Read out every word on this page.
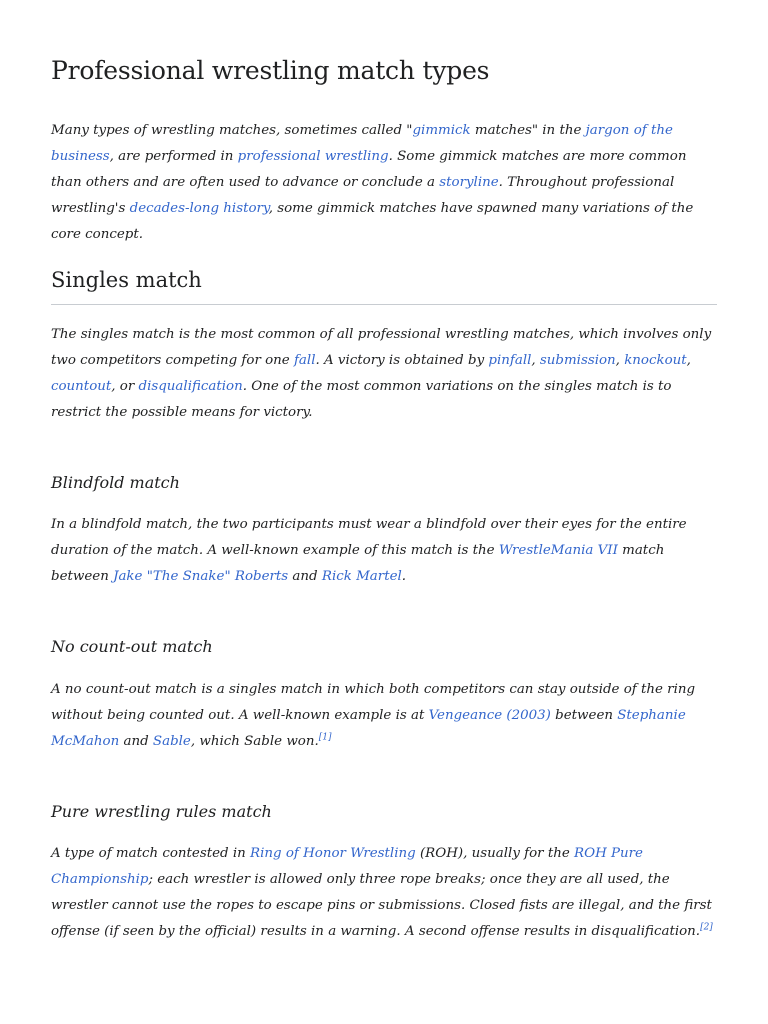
Professional wrestling match types

Many types of wrestling matches, sometimes called "gimmick matches" in the jargon of the business, are performed in professional wrestling. Some gimmick matches are more common than others and are often used to advance or conclude a storyline. Throughout professional wrestling's decades-long history, some gimmick matches have spawned many variations of the core concept.

Singles match

The singles match is the most common of all professional wrestling matches, which involves only two competitors competing for one fall. A victory is obtained by pinfall, submission, knockout, countout, or disqualification. One of the most common variations on the singles match is to restrict the possible means for victory.

Blindfold match

In a blindfold match, the two participants must wear a blindfold over their eyes for the entire duration of the match. A well-known example of this match is the WrestleMania VII match between Jake "The Snake" Roberts and Rick Martel.

No count-out match

A no count-out match is a singles match in which both competitors can stay outside of the ring without being counted out. A well-known example is at Vengeance (2003) between Stephanie McMahon and Sable, which Sable won.[1]

Pure wrestling rules match

A type of match contested in Ring of Honor Wrestling (ROH), usually for the ROH Pure Championship; each wrestler is allowed only three rope breaks; once they are all used, the wrestler cannot use the ropes to escape pins or submissions. Closed fists are illegal, and the first offense (if seen by the official) results in a warning. A second offense results in disqualification.[2]
